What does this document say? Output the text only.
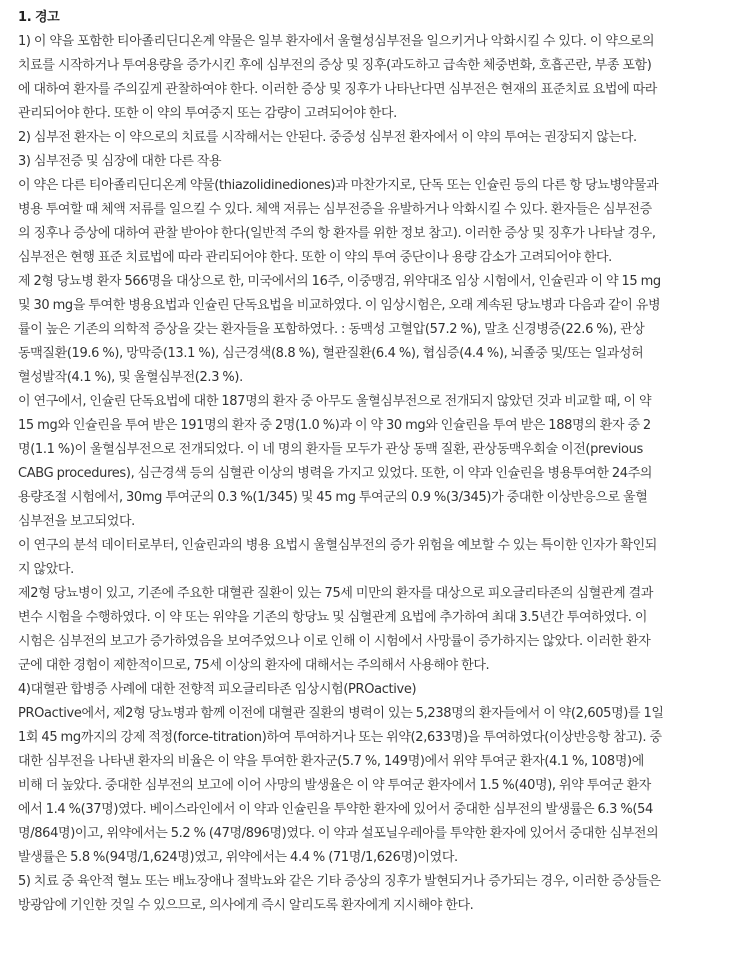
1. 경고

1) 이 약을 포함한 티아졸리딘디온계 약물은 일부 환자에서 울혈성심부전을 일으키거나 악화시킬 수 있다. 이 약으로의

치료를 시작하거나 투여용량을 증가시킨 후에 심부전의 증상 및 징후(과도하고 급속한 체중변화, 호흡곤란, 부종 포함)

에 대하여 환자를 주의깊게 관찰하여야 한다. 이러한 증상 및 징후가 나타난다면 심부전은 현재의 표준치료 요법에 따라

관리되어야 한다. 또한 이 약의 투여중지 또는 감량이 고려되어야 한다.

2) 심부전 환자는 이 약으로의 치료를 시작해서는 안된다. 중증성 심부전 환자에서 이 약의 투여는 권장되지 않는다.

3) 심부전증 및 심장에 대한 다른 작용

이 약은 다른 티아졸리딘디온계 약물(thiazolidinediones)과 마찬가지로, 단독 또는 인슐린 등의 다른 항 당뇨병약물과

병용 투여할 때 체액 저류를 일으킬 수 있다. 체액 저류는 심부전증을 유발하거나 악화시킬 수 있다. 환자들은 심부전증

의 징후나 증상에 대하여 관찰 받아야 한다(일반적 주의 항 환자를 위한 정보 참고). 이러한 증상 및 징후가 나타날 경우,

심부전은 현행 표준 치료법에 따라 관리되어야 한다. 또한 이 약의 투여 중단이나 용량 감소가 고려되어야 한다.

제 2형 당뇨병 환자 566명을 대상으로 한, 미국에서의 16주, 이중맹검, 위약대조 임상 시험에서, 인슐린과 이 약 15 mg

및 30 mg을 투여한 병용요법과 인슐린 단독요법을 비교하였다. 이 임상시험은, 오래 계속된 당뇨병과 다음과 같이 유병

률이 높은 기존의 의학적 증상을 갖는 환자들을 포함하였다. : 동맥성 고혈압(57.2 %), 말초 신경병증(22.6 %), 관상

동맥질환(19.6 %), 망막증(13.1 %), 심근경색(8.8 %), 혈관질환(6.4 %), 협심증(4.4 %), 뇌졸중 및/또는 일과성허

혈성발작(4.1 %), 및 울혈심부전(2.3 %).

이 연구에서, 인슐린 단독요법에 대한 187명의 환자 중 아무도 울혈심부전으로 전개되지 않았던 것과 비교할 때, 이 약

15 mg와 인슐린을 투여 받은 191명의 환자 중 2명(1.0 %)과 이 약 30 mg와 인슐린을 투여 받은 188명의 환자 중 2

명(1.1 %)이 울혈심부전으로 전개되었다. 이 네 명의 환자들 모두가 관상 동맥 질환, 관상동맥우회술 이전(previous

CABG procedures), 심근경색 등의 심혈관 이상의 병력을 가지고 있었다. 또한, 이 약과 인슐린을 병용투여한 24주의

용량조절 시험에서, 30mg 투여군의 0.3 %(1/345) 및 45 mg 투여군의 0.9 %(3/345)가 중대한 이상반응으로 울혈

심부전을 보고되었다.

이 연구의 분석 데이터로부터, 인슐린과의 병용 요법시 울혈심부전의 증가 위험을 예보할 수 있는 특이한 인자가 확인되

지 않았다.

제2형 당뇨병이 있고, 기존에 주요한 대혈관 질환이 있는 75세 미만의 환자를 대상으로 피오글리타존의 심혈관계 결과

변수 시험을 수행하였다. 이 약 또는 위약을 기존의 항당뇨 및 심혈관계 요법에 추가하여 최대 3.5년간 투여하였다. 이

시험은 심부전의 보고가 증가하였음을 보여주었으나 이로 인해 이 시험에서 사망률이 증가하지는 않았다. 이러한 환자

군에 대한 경험이 제한적이므로, 75세 이상의 환자에 대해서는 주의해서 사용해야 한다.

4)대혈관 합병증 사례에 대한 전향적 피오글리타존 임상시험(PROactive)

PROactive에서, 제2형 당뇨병과 함께 이전에 대혈관 질환의 병력이 있는 5,238명의 환자들에서 이 약(2,605명)를 1일

1회 45 mg까지의 강제 적정(force-titration)하여 투여하거나 또는 위약(2,633명)을 투여하였다(이상반응항 참고). 중

대한 심부전을 나타낸 환자의 비율은 이 약을 투여한 환자군(5.7 %, 149명)에서 위약 투여군 환자(4.1 %, 108명)에

비해 더 높았다. 중대한 심부전의 보고에 이어 사망의 발생율은 이 약 투여군 환자에서 1.5 %(40명), 위약 투여군 환자

에서 1.4 %(37명)였다. 베이스라인에서 이 약과 인슐린을 투약한 환자에 있어서 중대한 심부전의 발생률은 6.3 %(54

명/864명)이고, 위약에서는 5.2 % (47명/896명)였다. 이 약과 설포닐우레아를 투약한 환자에 있어서 중대한 심부전의

발생률은 5.8 %(94명/1,624명)였고, 위약에서는 4.4 % (71명/1,626명)이였다.

5) 치료 중 육안적 혈뇨 또는 배뇨장애나 절박뇨와 같은 기타 증상의 징후가 발현되거나 증가되는 경우, 이러한 증상들은

방광암에 기인한 것일 수 있으므로, 의사에게 즉시 알리도록 환자에게 지시해야 한다.
